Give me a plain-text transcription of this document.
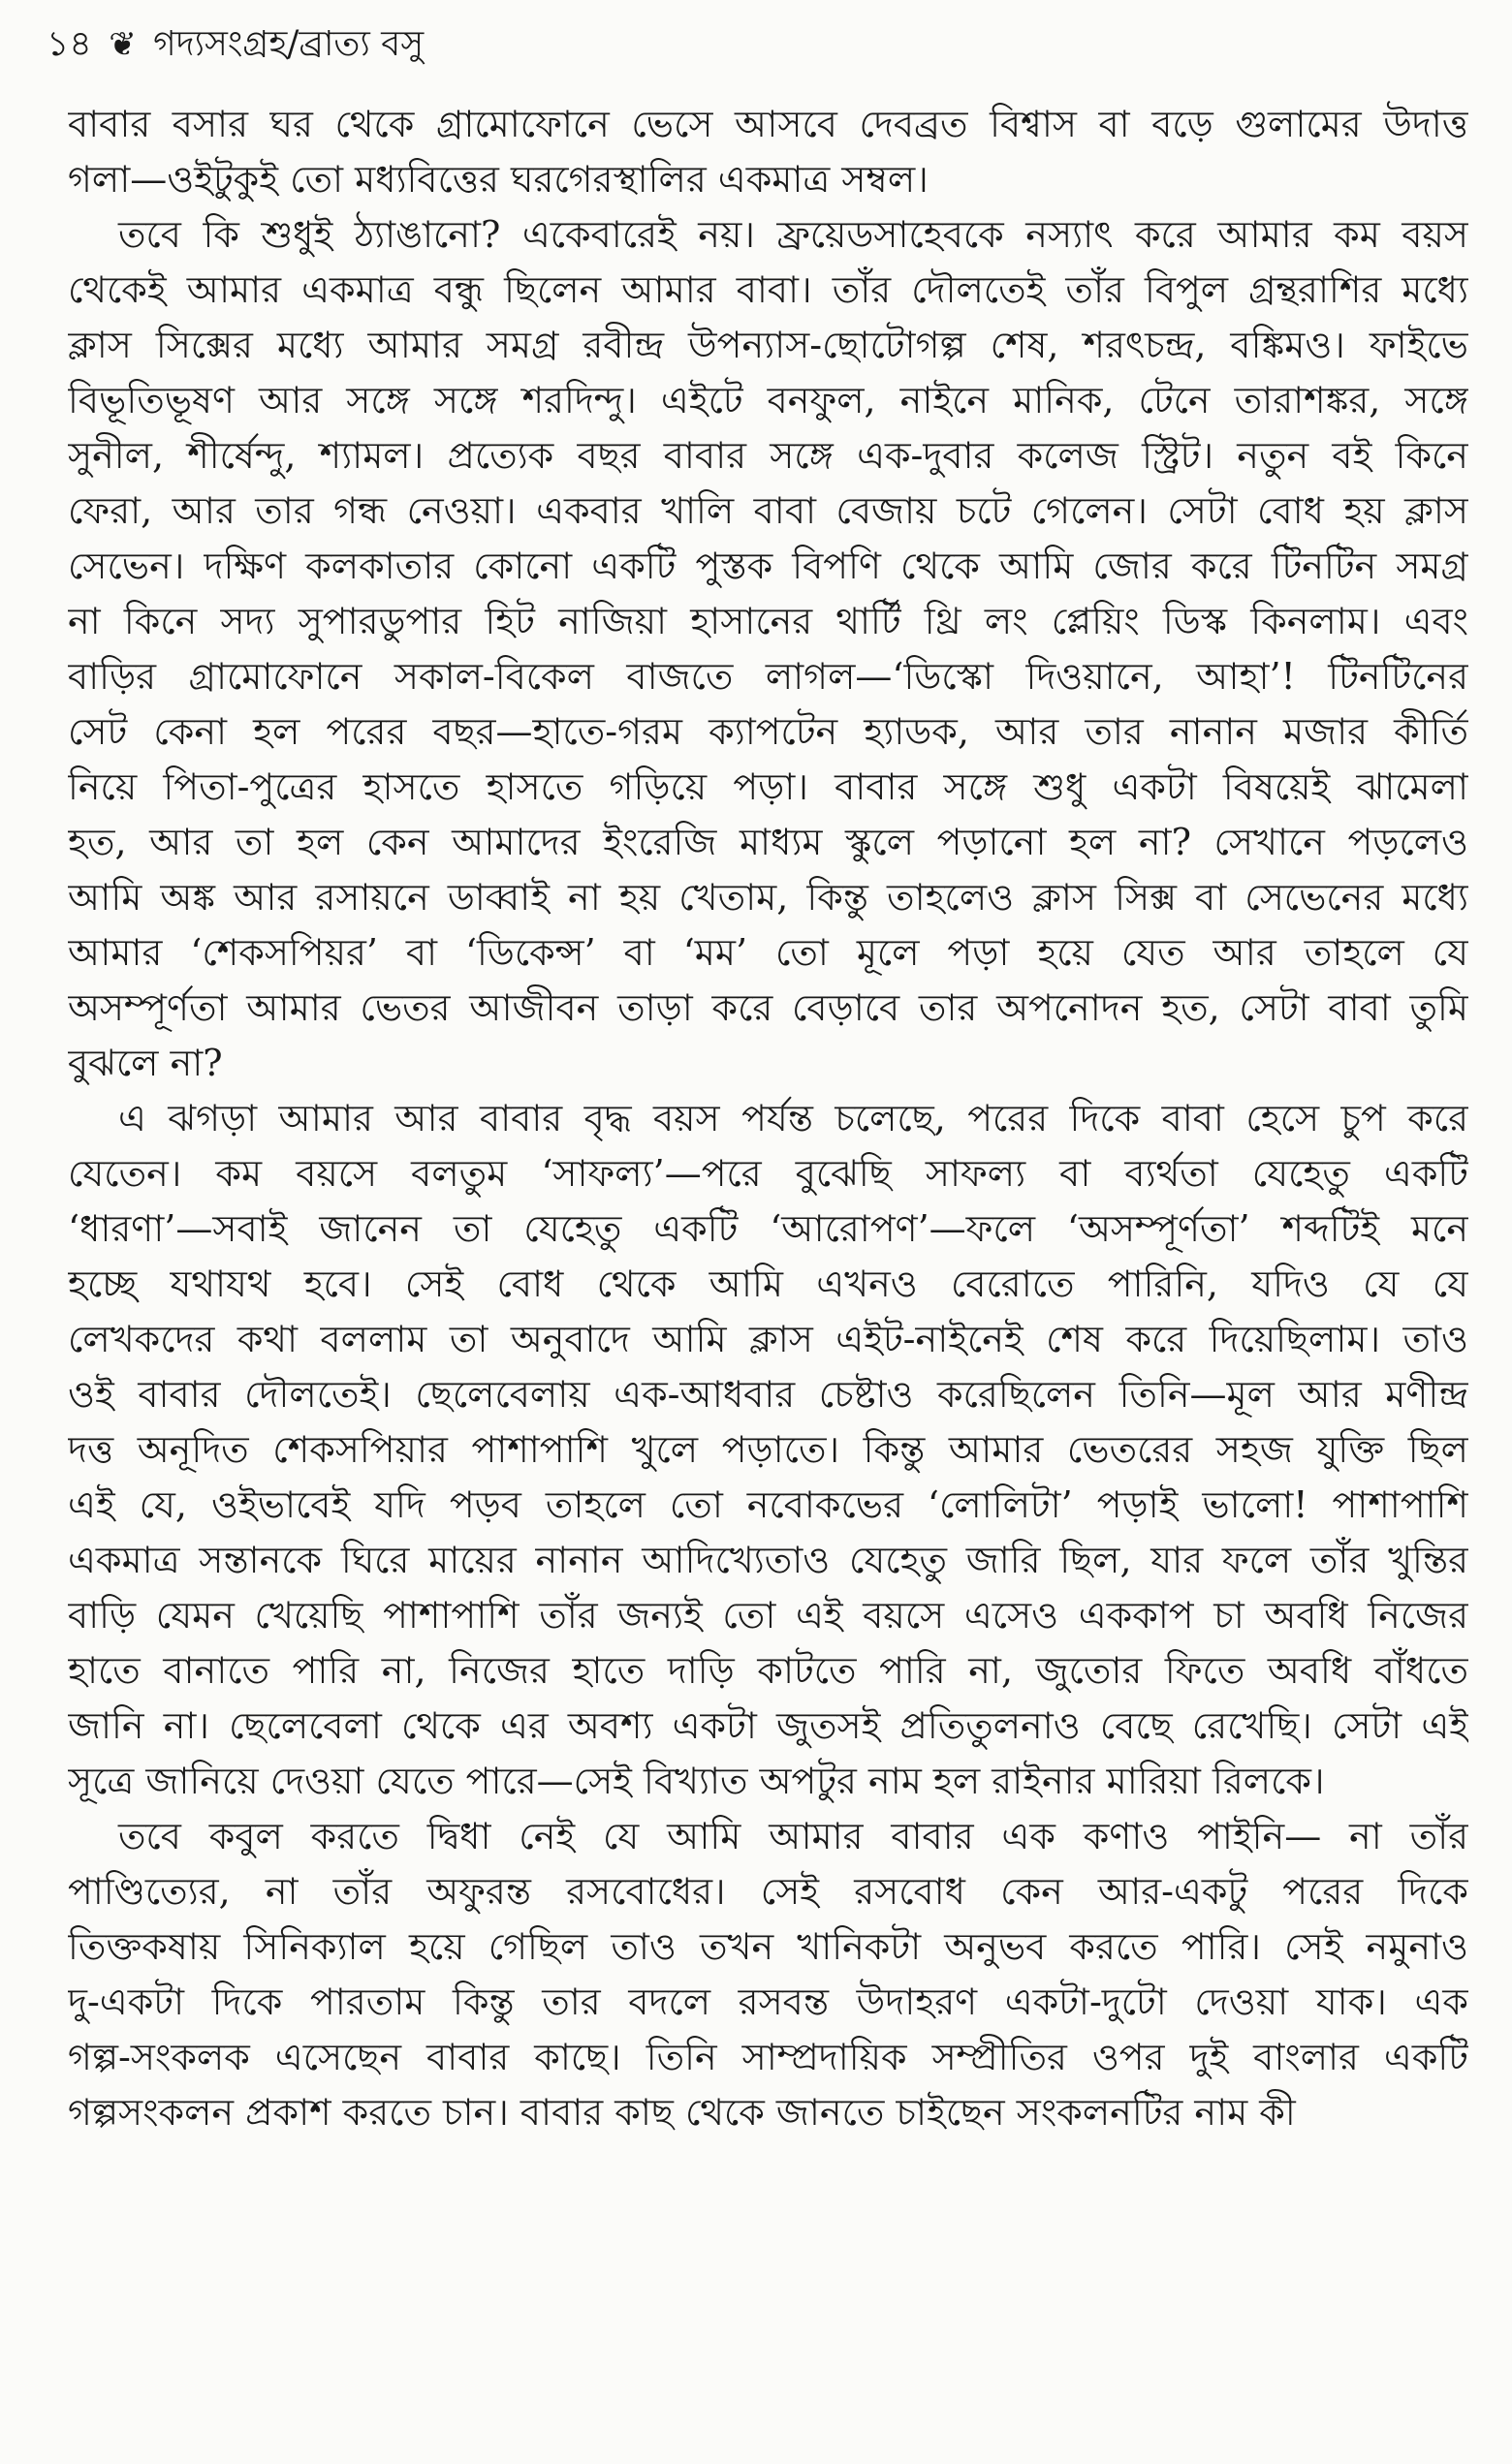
১৪ ❦ গদ্যসংগ্রহ/ব্রাত্য বসু

বাবার বসার ঘর থেকে গ্রামোফোনে ভেসে আসবে দেবব্রত বিশ্বাস বা বড়ে গুলামের উদাত্ত
গলা—ওইটুকুই তো মধ্যবিত্তের ঘরগেরস্থালির একমাত্র সম্বল।

তবে কি শুধুই ঠ্যাঙানো? একেবারেই নয়। ফ্রয়েডসাহেবকে নস্যাৎ করে আমার কম বয়স
থেকেই আমার একমাত্র বন্ধু ছিলেন আমার বাবা। তাঁর দৌলতেই তাঁর বিপুল গ্রন্থরাশির মধ্যে
ক্লাস সিক্সের মধ্যে আমার সমগ্র রবীন্দ্র উপন্যাস-ছোটোগল্প শেষ, শরৎচন্দ্র, বঙ্কিমও। ফাইভে
বিভূতিভূষণ আর সঙ্গে সঙ্গে শরদিন্দু। এইটে বনফুল, নাইনে মানিক, টেনে তারাশঙ্কর, সঙ্গে
সুনীল, শীর্ষেন্দু, শ্যামল। প্রত্যেক বছর বাবার সঙ্গে এক-দুবার কলেজ স্ট্রিট। নতুন বই কিনে
ফেরা, আর তার গন্ধ নেওয়া। একবার খালি বাবা বেজায় চটে গেলেন। সেটা বোধ হয় ক্লাস
সেভেন। দক্ষিণ কলকাতার কোনো একটি পুস্তক বিপণি থেকে আমি জোর করে টিনটিন সমগ্র
না কিনে সদ্য সুপারডুপার হিট নাজিয়া হাসানের থার্টি থ্রি লং প্লেয়িং ডিস্ক কিনলাম। এবং
বাড়ির গ্রামোফোনে সকাল-বিকেল বাজতে লাগল—‘ডিস্কো দিওয়ানে, আহা’! টিনটিনের
সেট কেনা হল পরের বছর—হাতে-গরম ক্যাপটেন হ্যাডক, আর তার নানান মজার কীর্তি
নিয়ে পিতা-পুত্রের হাসতে হাসতে গড়িয়ে পড়া। বাবার সঙ্গে শুধু একটা বিষয়েই ঝামেলা
হত, আর তা হল কেন আমাদের ইংরেজি মাধ্যম স্কুলে পড়ানো হল না? সেখানে পড়লেও
আমি অঙ্ক আর রসায়নে ডাব্বাই না হয় খেতাম, কিন্তু তাহলেও ক্লাস সিক্স বা সেভেনের মধ্যে
আমার ‘শেকসপিয়র’ বা ‘ডিকেন্স’ বা ‘মম’ তো মূলে পড়া হয়ে যেত আর তাহলে যে
অসম্পূর্ণতা আমার ভেতর আজীবন তাড়া করে বেড়াবে তার অপনোদন হত, সেটা বাবা তুমি
বুঝলে না?

এ ঝগড়া আমার আর বাবার বৃদ্ধ বয়স পর্যন্ত চলেছে, পরের দিকে বাবা হেসে চুপ করে
যেতেন। কম বয়সে বলতুম ‘সাফল্য’—পরে বুঝেছি সাফল্য বা ব্যর্থতা যেহেতু একটি
‘ধারণা’—সবাই জানেন তা যেহেতু একটি ‘আরোপণ’—ফলে ‘অসম্পূর্ণতা’ শব্দটিই মনে
হচ্ছে যথাযথ হবে। সেই বোধ থেকে আমি এখনও বেরোতে পারিনি, যদিও যে যে
লেখকদের কথা বললাম তা অনুবাদে আমি ক্লাস এইট-নাইনেই শেষ করে দিয়েছিলাম। তাও
ওই বাবার দৌলতেই। ছেলেবেলায় এক-আধবার চেষ্টাও করেছিলেন তিনি—মূল আর মণীন্দ্র
দত্ত অনূদিত শেকসপিয়ার পাশাপাশি খুলে পড়াতে। কিন্তু আমার ভেতরের সহজ যুক্তি ছিল
এই যে, ওইভাবেই যদি পড়ব তাহলে তো নবোকভের ‘লোলিটা’ পড়াই ভালো! পাশাপাশি
একমাত্র সন্তানকে ঘিরে মায়ের নানান আদিখ্যেতাও যেহেতু জারি ছিল, যার ফলে তাঁর খুন্তির
বাড়ি যেমন খেয়েছি পাশাপাশি তাঁর জন্যই তো এই বয়সে এসেও এককাপ চা অবধি নিজের
হাতে বানাতে পারি না, নিজের হাতে দাড়ি কাটতে পারি না, জুতোর ফিতে অবধি বাঁধতে
জানি না। ছেলেবেলা থেকে এর অবশ্য একটা জুতসই প্রতিতুলনাও বেছে রেখেছি। সেটা এই
সূত্রে জানিয়ে দেওয়া যেতে পারে—সেই বিখ্যাত অপটুর নাম হল রাইনার মারিয়া রিলকে।

তবে কবুল করতে দ্বিধা নেই যে আমি আমার বাবার এক কণাও পাইনি— না তাঁর
পাণ্ডিত্যের, না তাঁর অফুরন্ত রসবোধের। সেই রসবোধ কেন আর-একটু পরের দিকে
তিক্তকষায় সিনিক্যাল হয়ে গেছিল তাও তখন খানিকটা অনুভব করতে পারি। সেই নমুনাও
দু-একটা দিকে পারতাম কিন্তু তার বদলে রসবন্ত উদাহরণ একটা-দুটো দেওয়া যাক। এক
গল্প-সংকলক এসেছেন বাবার কাছে। তিনি সাম্প্রদায়িক সম্প্রীতির ওপর দুই বাংলার একটি
গল্পসংকলন প্রকাশ করতে চান। বাবার কাছ থেকে জানতে চাইছেন সংকলনটির নাম কী
